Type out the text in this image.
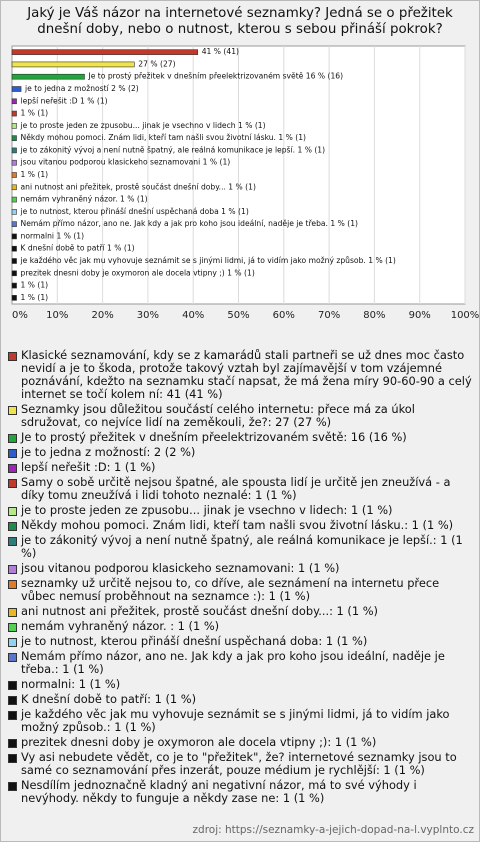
Jaký je Váš názor na internetové seznamky? Jedná se o přežitek dnešní doby, nebo o nutnost, kterou s sebou přináší pokrok?
0% 10% 20% 30% 40% 50% 60% 70% 80% 90% 100%
41 % (41)
27 % (27)
Je to prostý přežitek v dnešním přeelektrizovaném světě 16 % (16)
je to jedna z možností 2 % (2)
lepší neřešit :D 1 % (1)
1 % (1)
je to proste jeden ze zpusobu... jinak je vsechno v lidech 1 % (1)
Někdy mohou pomoci. Znám lidi, kteří tam našli svou životní lásku. 1 % (1)
je to zákonitý vývoj a není nutně špatný, ale reálná komunikace je lepší. 1 % (1)
jsou vitanou podporou klasickeho seznamovani 1 % (1)
1 % (1)
ani nutnost ani přežitek, prostě součást dnešní doby... 1 % (1)
nemám vyhraněný názor. 1 % (1)
je to nutnost, kterou přináší dnešní uspěchaná doba 1 % (1)
Nemám přímo názor, ano ne. Jak kdy a jak pro koho jsou ideální, naděje je třeba. 1 % (1)
normalni 1 % (1)
K dnešní době to patří 1 % (1)
je každého věc jak mu vyhovuje seznámit se s jinými lidmi, já to vidím jako možný způsob. 1 % (1)
prezitek dnesni doby je oxymoron ale docela vtipny ;) 1 % (1)
1 % (1)
1 % (1)
Klasické seznamování, kdy se z kamarádů stali partneři se už dnes moc často nevidí a je to škoda, protože takový vztah byl zajímavější v tom vzájemné poznávání, kdežto na seznamku stačí napsat, že má žena míry 90-60-90 a celý internet se točí kolem ní: 41 (41 %)
Seznamky jsou důležitou součástí celého internetu: přece má za úkol sdružovat, co nejvíce lidí na zeměkouli, že?: 27 (27 %)
Je to prostý přežitek v dnešním přeelektrizovaném světě: 16 (16 %)
je to jedna z možností: 2 (2 %)
lepší neřešit :D: 1 (1 %)
Samy o sobě určitě nejsou špatné, ale spousta lidí je určitě jen zneužívá - a díky tomu zneužívá i lidi tohoto neznalé: 1 (1 %)
je to proste jeden ze zpusobu... jinak je vsechno v lidech: 1 (1 %)
Někdy mohou pomoci. Znám lidi, kteří tam našli svou životní lásku.: 1 (1 %)
je to zákonitý vývoj a není nutně špatný, ale reálná komunikace je lepší.: 1 (1 %)
jsou vitanou podporou klasickeho seznamovani: 1 (1 %)
seznamky už určitě nejsou to, co dříve, ale seznámení na internetu přece vůbec nemusí proběhnout na seznamce :): 1 (1 %)
ani nutnost ani přežitek, prostě součást dnešní doby...: 1 (1 %)
nemám vyhraněný názor. : 1 (1 %)
je to nutnost, kterou přináší dnešní uspěchaná doba: 1 (1 %)
Nemám přímo názor, ano ne. Jak kdy a jak pro koho jsou ideální, naděje je třeba.: 1 (1 %)
normalni: 1 (1 %)
K dnešní době to patří: 1 (1 %)
je každého věc jak mu vyhovuje seznámit se s jinými lidmi, já to vidím jako možný způsob.: 1 (1 %)
prezitek dnesni doby je oxymoron ale docela vtipny ;): 1 (1 %)
Vy asi nebudete vědět, co je to "přežitek", že? internetové seznamky jsou to samé co seznamování přes inzerát, pouze médium je rychlější: 1 (1 %)
Nesdílím jednoznačně kladný ani negativní názor, má to své výhody i nevýhody. někdy to funguje a někdy zase ne: 1 (1 %)
zdroj: https://seznamky-a-jejich-dopad-na-l.vyplnto.cz
